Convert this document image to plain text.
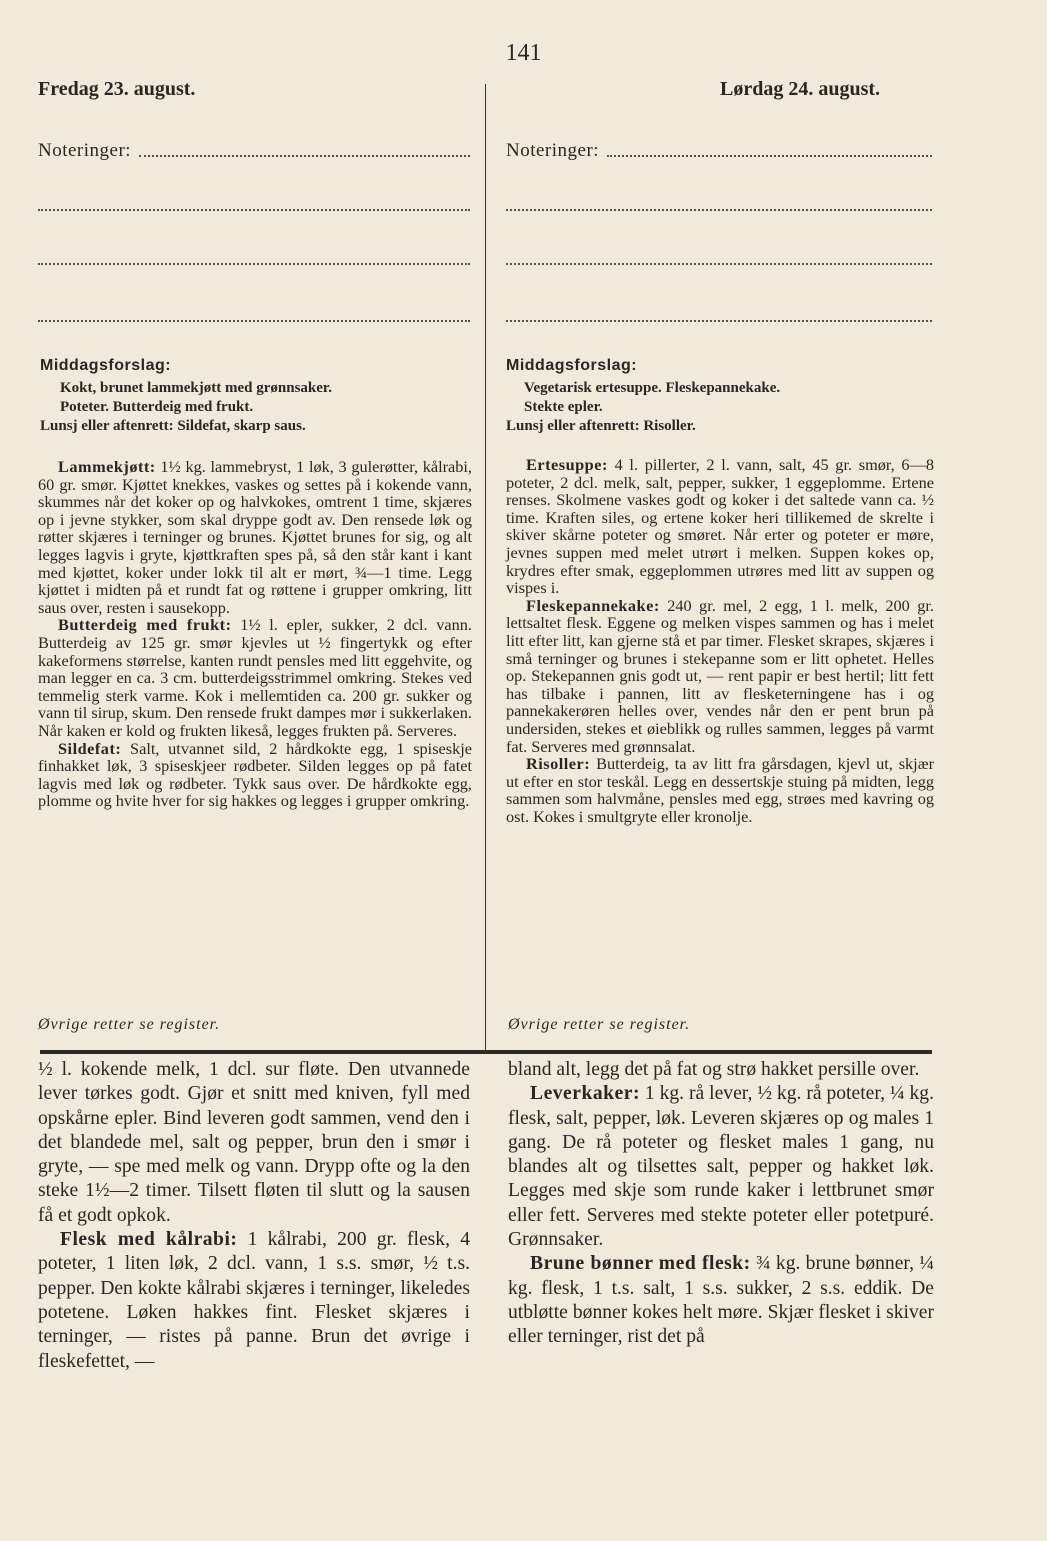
141
Fredag 23. august.	Lørdag 24. august.
Noteringer:	Noteringer:
Middagsforslag:
Kokt, brunet lammekjøtt med grønnsaker.
Poteter. Butterdeig med frukt.
Lunsj eller aftenrett: Sildefat, skarp saus.

Lammekjøtt: 1½ kg. lammebryst, 1 løk, 3 gulerøtter, kålrabi, 60 gr. smør. Kjøttet knekkes, vaskes og settes på i kokende vann, skummes når det koker op og halvkokes, omtrent 1 time, skjæres op i jevne stykker, som skal dryppe godt av. Den rensede løk og røtter skjæres i terninger og brunes. Kjøttet brunes for sig, og alt legges lagvis i gryte, kjøttkraften spes på, så den står kant i kant med kjøttet, koker under lokk til alt er mørt, ¾—1 time. Legg kjøttet i midten på et rundt fat og røttene i grupper omkring, litt saus over, resten i sausekopp.

Butterdeig med frukt: 1½ l. epler, sukker, 2 dcl. vann. Butterdeig av 125 gr. smør kjevles ut ½ fingertykk og efter kakeformens størrelse, kanten rundt pensles med litt eggehvite, og man legger en ca. 3 cm. butterdeigsstrimmel omkring. Stekes ved temmelig sterk varme. Kok i mellemtiden ca. 200 gr. sukker og vann til sirup, skum. Den rensede frukt dampes mør i sukkerlaken. Når kaken er kold og frukten likeså, legges frukten på. Serveres.

Sildefat: Salt, utvannet sild, 2 hårdkokte egg, 1 spiseskje finhakket løk, 3 spiseskjeer rødbeter. Silden legges op på fatet lagvis med løk og rødbeter. Tykk saus over. De hårdkokte egg, plomme og hvite hver for sig hakkes og legges i grupper omkring.

Øvrige retter se register.
Middagsforslag:
Vegetarisk ertesuppe. Fleskepannekake.
Stekte epler.
Lunsj eller aftenrett: Risoller.

Ertesuppe: 4 l. pillerter, 2 l. vann, salt, 45 gr. smør, 6—8 poteter, 2 dcl. melk, salt, pepper, sukker, 1 eggeplomme. Ertene renses. Skolmene vaskes godt og koker i det saltede vann ca. ½ time. Kraften siles, og ertene koker heri tillikemed de skrelte i skiver skårne poteter og smøret. Når erter og poteter er møre, jevnes suppen med melet utrørt i melken. Suppen kokes op, krydres efter smak, eggeplommen utrøres med litt av suppen og vispes i.

Fleskepannekake: 240 gr. mel, 2 egg, 1 l. melk, 200 gr. lettsaltet flesk. Eggene og melken vispes sammen og has i melet litt efter litt, kan gjerne stå et par timer. Flesket skrapes, skjæres i små terninger og brunes i stekepanne som er litt ophetet. Helles op. Stekepannen gnis godt ut, — rent papir er best hertil; litt fett has tilbake i pannen, litt av flesketerningene has i og pannekakerøren helles over, vendes når den er pent brun på undersiden, stekes et øieblikk og rulles sammen, legges på varmt fat. Serveres med grønnsalat.

Risoller: Butterdeig, ta av litt fra gårsdagen, kjevl ut, skjær ut efter en stor teskål. Legg en dessertskje stuing på midten, legg sammen som halvmåne, pensles med egg, strøes med kavring og ost. Kokes i smultgryte eller kronolje.

Øvrige retter se register.

½ l. kokende melk, 1 dcl. sur fløte. Den utvannede lever tørkes godt. Gjør et snitt med kniven, fyll med opskårne epler. Bind leveren godt sammen, vend den i det blandede mel, salt og pepper, brun den i smør i gryte, — spe med melk og vann. Drypp ofte og la den steke 1½—2 timer. Tilsett fløten til slutt og la sausen få et godt opkok.

Flesk med kålrabi: 1 kålrabi, 200 gr. flesk, 4 poteter, 1 liten løk, 2 dcl. vann, 1 s.s. smør, ½ t.s. pepper. Den kokte kålrabi skjæres i terninger, likeledes potetene. Løken hakkes fint. Flesket skjæres i terninger, — ristes på panne. Brun det øvrige i fleskefettet, —

bland alt, legg det på fat og strø hakket persille over.

Leverkaker: 1 kg. rå lever, ½ kg. rå poteter, ¼ kg. flesk, salt, pepper, løk. Leveren skjæres op og males 1 gang. De rå poteter og flesket males 1 gang, nu blandes alt og tilsettes salt, pepper og hakket løk. Legges med skje som runde kaker i lettbrunet smør eller fett. Serveres med stekte poteter eller potetpuré. Grønnsaker.

Brune bønner med flesk: ¾ kg. brune bønner, ¼ kg. flesk, 1 t.s. salt, 1 s.s. sukker, 2 s.s. eddik. De utbløtte bønner kokes helt møre. Skjær flesket i skiver eller terninger, rist det på
